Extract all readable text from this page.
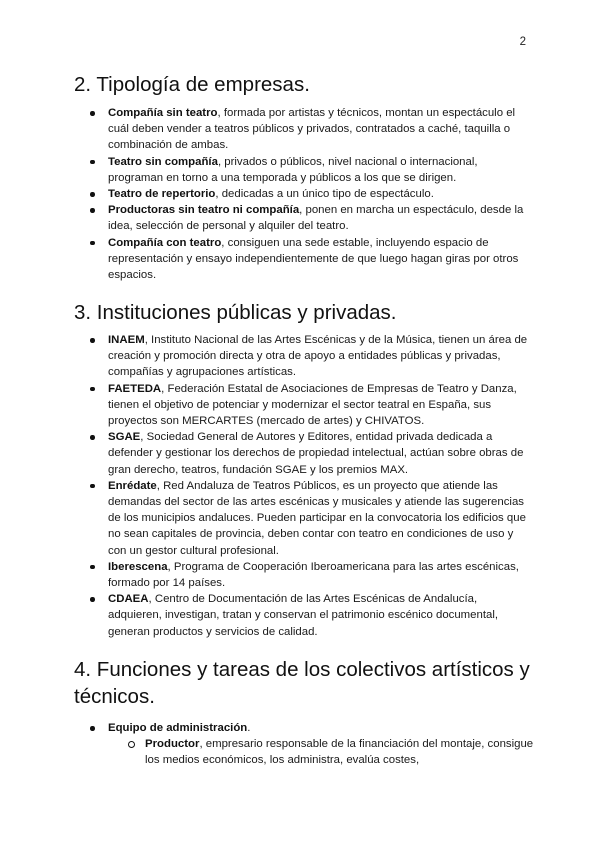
2
2. Tipología de empresas.
Compañía sin teatro, formada por artistas y técnicos, montan un espectáculo el cuál deben vender a teatros públicos y privados, contratados a caché, taquilla o combinación de ambas.
Teatro sin compañía, privados o públicos, nivel nacional o internacional, programan en torno a una temporada y públicos a los que se dirigen.
Teatro de repertorio, dedicadas a un único tipo de espectáculo.
Productoras sin teatro ni compañía, ponen en marcha un espectáculo, desde la idea, selección de personal y alquiler del teatro.
Compañía con teatro, consiguen una sede estable, incluyendo espacio de representación y ensayo independientemente de que luego hagan giras por otros espacios.
3. Instituciones públicas y privadas.
INAEM, Instituto Nacional de las Artes Escénicas y de la Música, tienen un área de creación y promoción directa y otra de apoyo a entidades públicas y privadas, compañías y agrupaciones artísticas.
FAETEDA, Federación Estatal de Asociaciones de Empresas de Teatro y Danza, tienen el objetivo de potenciar y modernizar el sector teatral en España, sus proyectos son MERCARTES (mercado de artes) y CHIVATOS.
SGAE, Sociedad General de Autores y Editores, entidad privada dedicada a defender y gestionar los derechos de propiedad intelectual, actúan sobre obras de gran derecho, teatros, fundación SGAE y los premios MAX.
Enrédate, Red Andaluza de Teatros Públicos, es un proyecto que atiende las demandas del sector de las artes escénicas y musicales y atiende las sugerencias de los municipios andaluces. Pueden participar en la convocatoria los edificios que no sean capitales de provincia, deben contar con teatro en condiciones de uso y con un gestor cultural profesional.
Iberescena, Programa de Cooperación Iberoamericana para las artes escénicas, formado por 14 países.
CDAEA, Centro de Documentación de las Artes Escénicas de Andalucía, adquieren, investigan, tratan y conservan el patrimonio escénico documental, generan productos y servicios de calidad.
4. Funciones y tareas de los colectivos artísticos y técnicos.
Equipo de administración.
Productor, empresario responsable de la financiación del montaje, consigue los medios económicos, los administra, evalúa costes,
